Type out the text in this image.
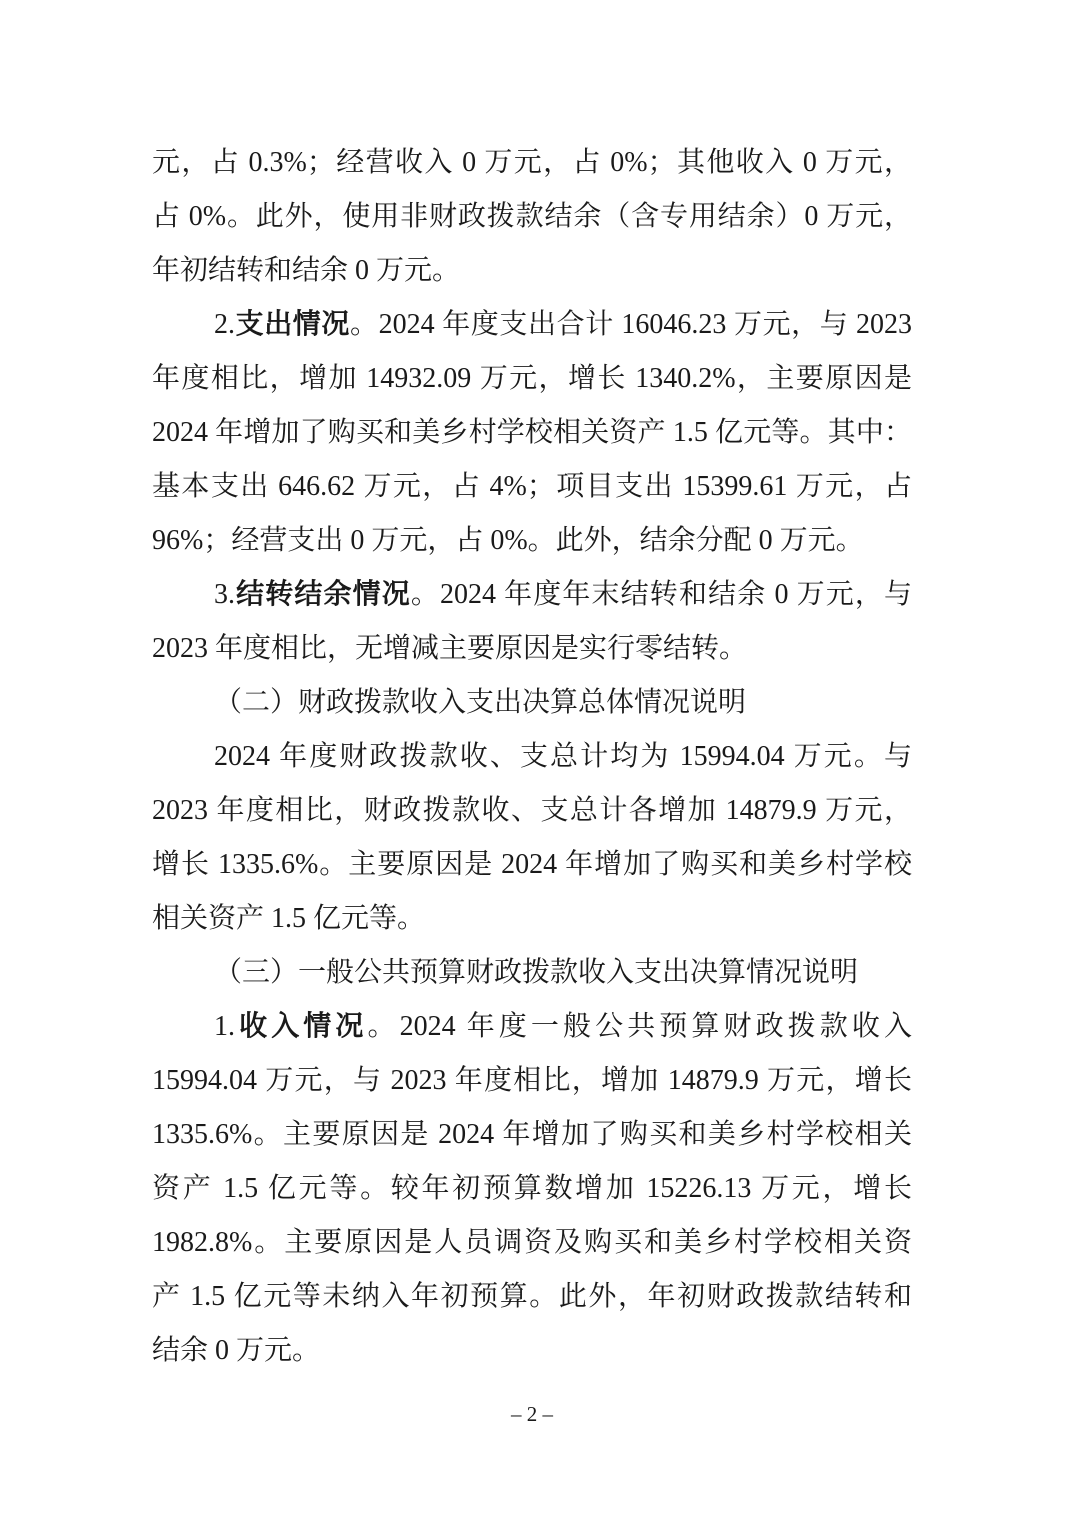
元，占 0.3%；经营收入 0 万元，占 0%；其他收入 0 万元，
占 0%。此外，使用非财政拨款结余（含专用结余）0 万元，
年初结转和结余 0 万元。
2.支出情况。2024 年度支出合计 16046.23 万元，与 2023
年度相比，增加 14932.09 万元，增长 1340.2%，主要原因是
2024 年增加了购买和美乡村学校相关资产 1.5 亿元等。其中：
基本支出 646.62 万元，占 4%；项目支出 15399.61 万元，占
96%；经营支出 0 万元，占 0%。此外，结余分配 0 万元。
3.结转结余情况。2024 年度年末结转和结余 0 万元，与
2023 年度相比，无增减主要原因是实行零结转。
（二）财政拨款收入支出决算总体情况说明
2024 年度财政拨款收、支总计均为 15994.04 万元。与
2023 年度相比，财政拨款收、支总计各增加 14879.9 万元，
增长 1335.6%。主要原因是 2024 年增加了购买和美乡村学校
相关资产 1.5 亿元等。
（三）一般公共预算财政拨款收入支出决算情况说明
1.收入情况。2024 年度一般公共预算财政拨款收入
15994.04 万元，与 2023 年度相比，增加 14879.9 万元，增长
1335.6%。主要原因是 2024 年增加了购买和美乡村学校相关
资产 1.5 亿元等。较年初预算数增加 15226.13 万元，增长
1982.8%。主要原因是人员调资及购买和美乡村学校相关资
产 1.5 亿元等未纳入年初预算。此外，年初财政拨款结转和
结余 0 万元。
– 2 –
